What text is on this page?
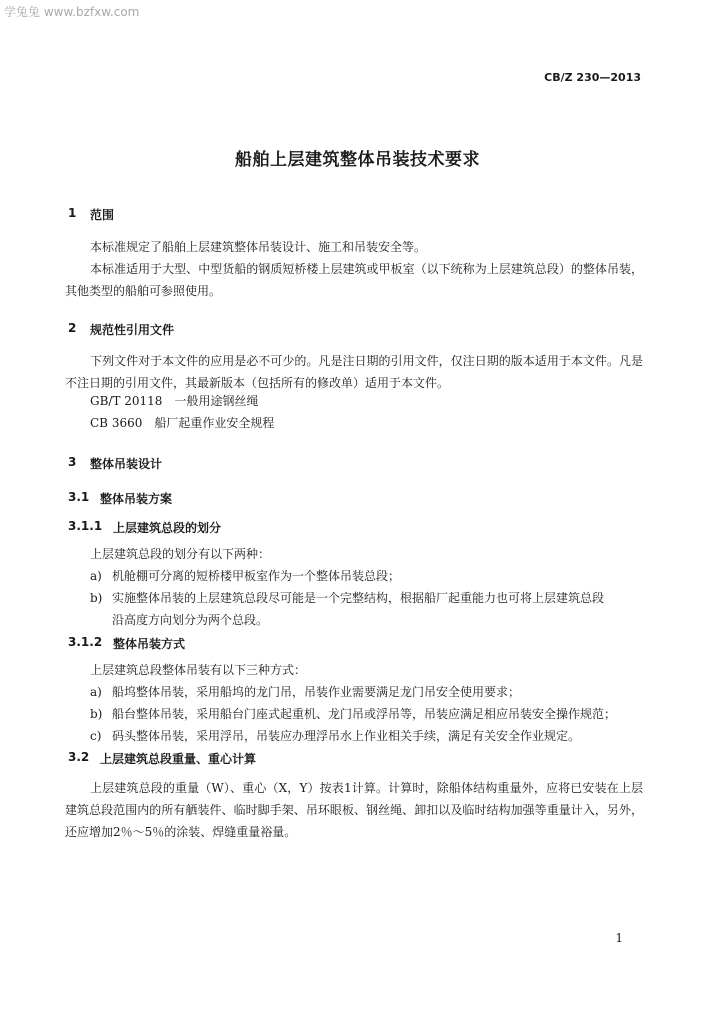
学兔兔 www.bzfxw.com
CB/Z 230—2013
船舶上层建筑整体吊装技术要求
1 范围
本标准规定了船舶上层建筑整体吊装设计、施工和吊装安全等。
本标准适用于大型、中型货船的钢质短桥楼上层建筑或甲板室（以下统称为上层建筑总段）的整体吊装，其他类型的船舶可参照使用。
2 规范性引用文件
下列文件对于本文件的应用是必不可少的。凡是注日期的引用文件，仅注日期的版本适用于本文件。凡是不注日期的引用文件，其最新版本（包括所有的修改单）适用于本文件。
GB/T 20118　一般用途钢丝绳
CB 3660　船厂起重作业安全规程
3 整体吊装设计
3.1 整体吊装方案
3.1.1 上层建筑总段的划分
上层建筑总段的划分有以下两种：
a) 机舱棚可分离的短桥楼甲板室作为一个整体吊装总段；
b) 实施整体吊装的上层建筑总段尽可能是一个完整结构，根据船厂起重能力也可将上层建筑总段
沿高度方向划分为两个总段。
3.1.2 整体吊装方式
上层建筑总段整体吊装有以下三种方式：
a) 船坞整体吊装，采用船坞的龙门吊，吊装作业需要满足龙门吊安全使用要求；
b) 船台整体吊装，采用船台门座式起重机、龙门吊或浮吊等，吊装应满足相应吊装安全操作规范；
c) 码头整体吊装，采用浮吊，吊装应办理浮吊水上作业相关手续，满足有关安全作业规定。
3.2 上层建筑总段重量、重心计算
上层建筑总段的重量（W）、重心（X，Y）按表1计算。计算时，除船体结构重量外，应将已安装在上层建筑总段范围内的所有舾装件、临时脚手架、吊环眼板、钢丝绳、卸扣以及临时结构加强等重量计入，另外，还应增加2％～5％的涂装、焊缝重量裕量。
1
